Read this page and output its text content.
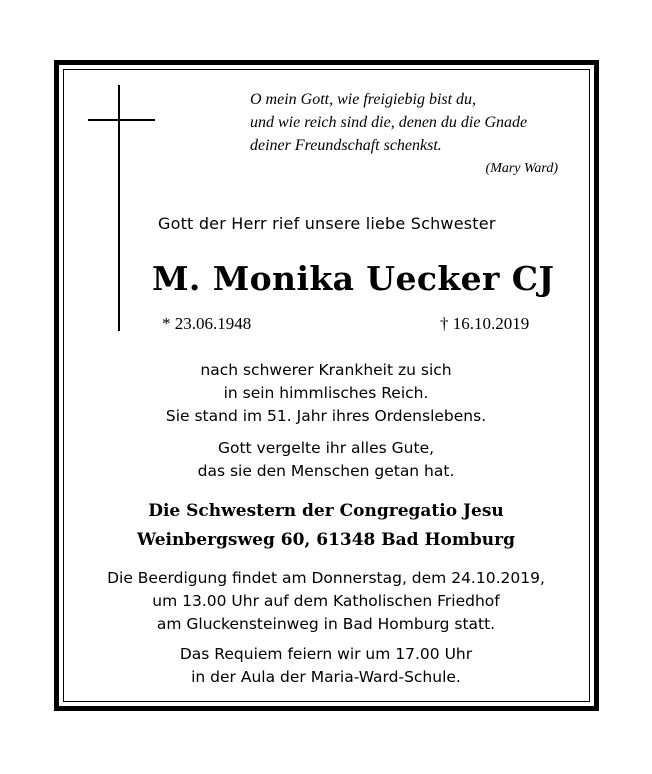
O mein Gott, wie freigiebig bist du,
und wie reich sind die, denen du die Gnade
deiner Freundschaft schenkst.
(Mary Ward)
Gott der Herr rief unsere liebe Schwester
M. Monika Uecker CJ
* 23.06.1948	† 16.10.2019
nach schwerer Krankheit zu sich
in sein himmlisches Reich.
Sie stand im 51. Jahr ihres Ordenslebens.
Gott vergelte ihr alles Gute,
das sie den Menschen getan hat.
Die Schwestern der Congregatio Jesu
Weinbergsweg 60, 61348 Bad Homburg
Die Beerdigung findet am Donnerstag, dem 24.10.2019,
um 13.00 Uhr auf dem Katholischen Friedhof
am Gluckensteinweg in Bad Homburg statt.
Das Requiem feiern wir um 17.00 Uhr
in der Aula der Maria-Ward-Schule.
